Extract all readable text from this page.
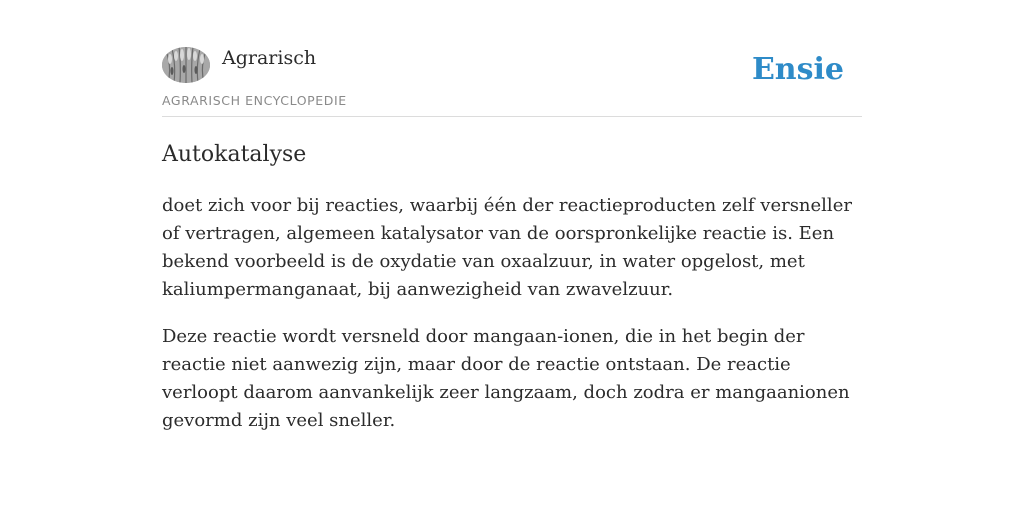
Agrarisch
AGRARISCH ENCYCLOPEDIE
Ensie
Autokatalyse

doet zich voor bij reacties, waarbij één der reactieproducten zelf versneller of vertragen, algemeen katalysator van de oorspronkelijke reactie is. Een bekend voorbeeld is de oxydatie van oxaalzuur, in water opgelost, met kaliumpermanganaat, bij aanwezigheid van zwavelzuur.

Deze reactie wordt versneld door mangaan-ionen, die in het begin der reactie niet aanwezig zijn, maar door de reactie ontstaan. De reactie verloopt daarom aanvankelijk zeer langzaam, doch zodra er mangaanionen gevormd zijn veel sneller.
